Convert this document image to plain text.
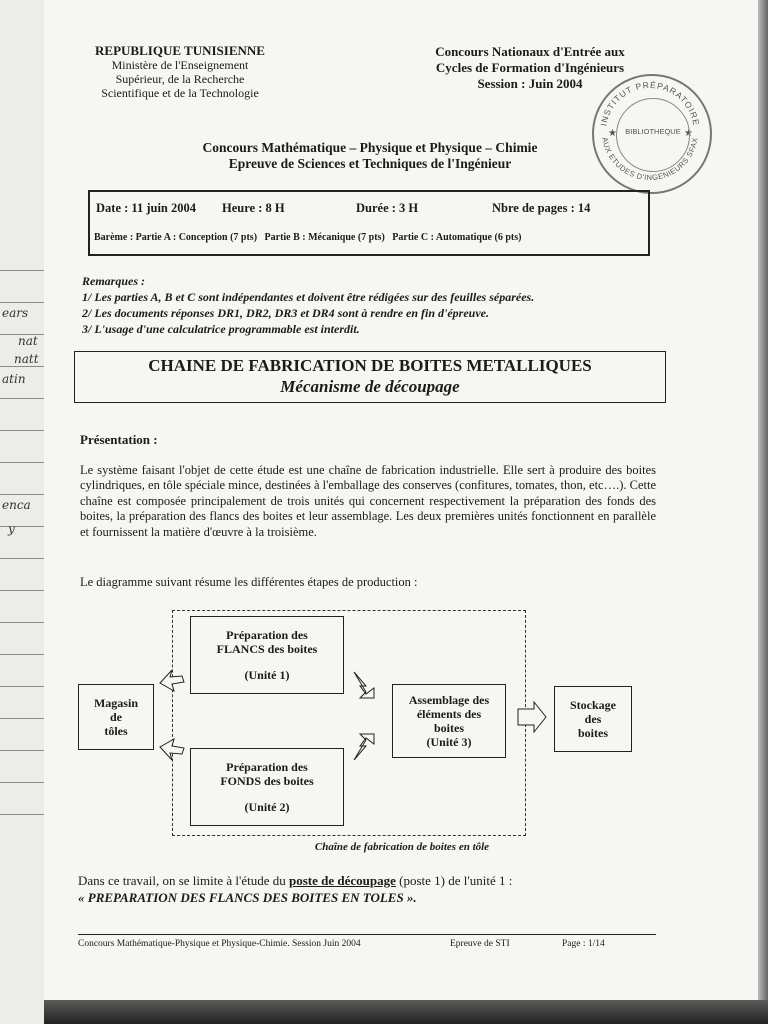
ears
nat
natt
atin
enca
y
REPUBLIQUE TUNISIENNE
Ministère de l'Enseignement
Supérieur, de la Recherche
Scientifique et de la Technologie
Concours Nationaux d'Entrée aux
Cycles de Formation d'Ingénieurs
Session : Juin 2004
INSTITUT PRÉPARATOIRE
AUX ETUDES D'INGENIEURS SFAX
★	★
BIBLIOTHEQUE
Concours Mathématique – Physique et Physique – Chimie
Epreuve de Sciences et Techniques de l'Ingénieur
Date : 11 juin 2004 Heure : 8 H	Durée : 3 H	Nbre de pages : 14
Barème : Partie A : Conception (7 pts)   Partie B : Mécanique (7 pts)   Partie C : Automatique (6 pts)
Remarques :
1/ Les parties A, B et C sont indépendantes et doivent être rédigées sur des feuilles séparées.
2/ Les documents réponses DR1, DR2, DR3 et DR4 sont à rendre en fin d'épreuve.
3/ L'usage d'une calculatrice programmable est interdit.
CHAINE DE FABRICATION DE BOITES METALLIQUES
Mécanisme de découpage
Présentation :
Le système faisant l'objet de cette étude est une chaîne de fabrication industrielle. Elle sert à produire des boites cylindriques, en tôle spéciale mince, destinées à l'emballage des conserves (confitures, tomates, thon, etc….). Cette chaîne est composée principalement de trois unités qui concernent respectivement la préparation des fonds des boites, la préparation des flancs des boites et leur assemblage. Les deux premières unités fonctionnent en parallèle et fournissent la matière d'œuvre à la troisième.
Le diagramme suivant résume les différentes étapes de production :
Magasin
de
tôles
Préparation des
FLANCS des boites
(Unité 1)
Préparation des
FONDS des boites
(Unité 2)
Assemblage des
éléments des
boites
(Unité 3)
Stockage
des
boites
Chaîne de fabrication de boites en tôle
Dans ce travail, on se limite à l'étude du poste de découpage (poste 1) de l'unité 1 :
« PREPARATION DES FLANCS DES BOITES EN TOLES ».
Concours Mathématique-Physique et Physique-Chimie. Session Juin 2004	Epreuve de STI	Page : 1/14
